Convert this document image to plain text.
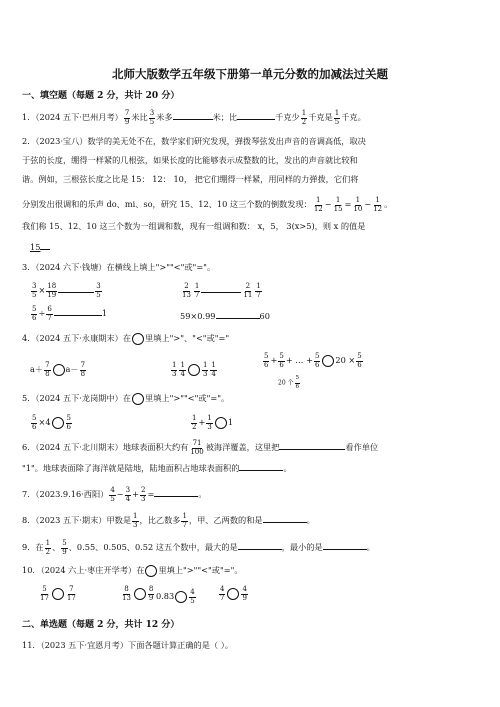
北师大版数学五年级下册第一单元分数的加减法过关题
一、填空题（每题 2 分，共计 20 分）
1．（2024 五下·巴州月考） $\frac{7}{9}$ 米比 $\frac{3}{5}$ 米多	米；比	千克少 $\frac{1}{2}$ 千克是 $\frac{1}{5}$ 千克。
2．（2023·宝八）数学的美无处不在，数学家们研究发现，弹拨琴弦发出声音的音调高低，取决
于弦的长度，绷得一样紧的几根弦，如果长度的比能够表示成整数的比，发出的声音就比较和
谐。例如，三根弦长度之比是 15： 12： 10， 把它们绷得一样紧，用同样的力弹拨，它们将
分别发出很调和的乐声 do、mi、so，研究 15、12、10 这三个数的倒数发现： $\frac{1}{12} - \frac{1}{15} = \frac{1}{10} - \frac{1}{12}$ 。
我们称 15、12、10 这三个数为一组调和数，现有一组调和数： x，5， 3(x>5)，则 x 的值是
15
3．（2024 六下·钱塘）在横线上填上">""<"或"="。
$\frac{3}{5} \times \frac{18}{19}$	$\frac{3}{5}$	$\frac{2}{13} \frac{1}{7}$	$\frac{2}{11} \frac{1}{7}$
$\frac{5}{6} \div \frac{6}{7}$	1	59×0.99	60
4．（2024 五下·永康期末）在 里填上">"、"<"或"="
$a+ \frac{7}{8} a- \frac{7}{8}$	$\frac{1}{3} \frac{1}{4} \frac{1}{3} \frac{1}{4}$
$\frac{5}{6} + \frac{5}{6}$ + … + $\frac{5}{6} 20 \times \frac{5}{6}$
20 个 $\frac{5}{6}$
5．（2024 五下·龙岗期中）在 里填上">""<"或"="。
$\frac{5}{6} \times 4 \frac{5}{6}$	$\frac{1}{2} + \frac{1}{3} 1$
6．（2024 五下·北川期末）地球表面积大约有 $\frac{71}{100}$ 被海洋覆盖，这里把	看作单位
"1"。地球表面除了海洋就是陆地，陆地面积占地球表面积的	。
7．（2023.9.16·西阳） $\frac{4}{5} - \frac{3}{4} + \frac{2}{3}$ =	。
8．（2023 五下·期末）甲数是 $\frac{1}{3}$ ，比乙数多 $\frac{1}{7}$ ，甲、乙两数的和是	。
9．在 $\frac{1}{2}$ 、 $\frac{5}{9}$ 、0.55、0.505、0.52 这五个数中，最大的是	，最小的是	。
10．（2024 六上·枣庄开学考）在 里填上">""<"或"="。
$\frac{5}{17} \frac{7}{17}$	$\frac{8}{13} \frac{8}{9} 0.83 \frac{4}{5}$	$\frac{4}{7} \frac{4}{9}$
二、单选题（每题 2 分，共计 12 分）
11．（2023 五下·宜恩月考）下面各题计算正确的是（ ）。
